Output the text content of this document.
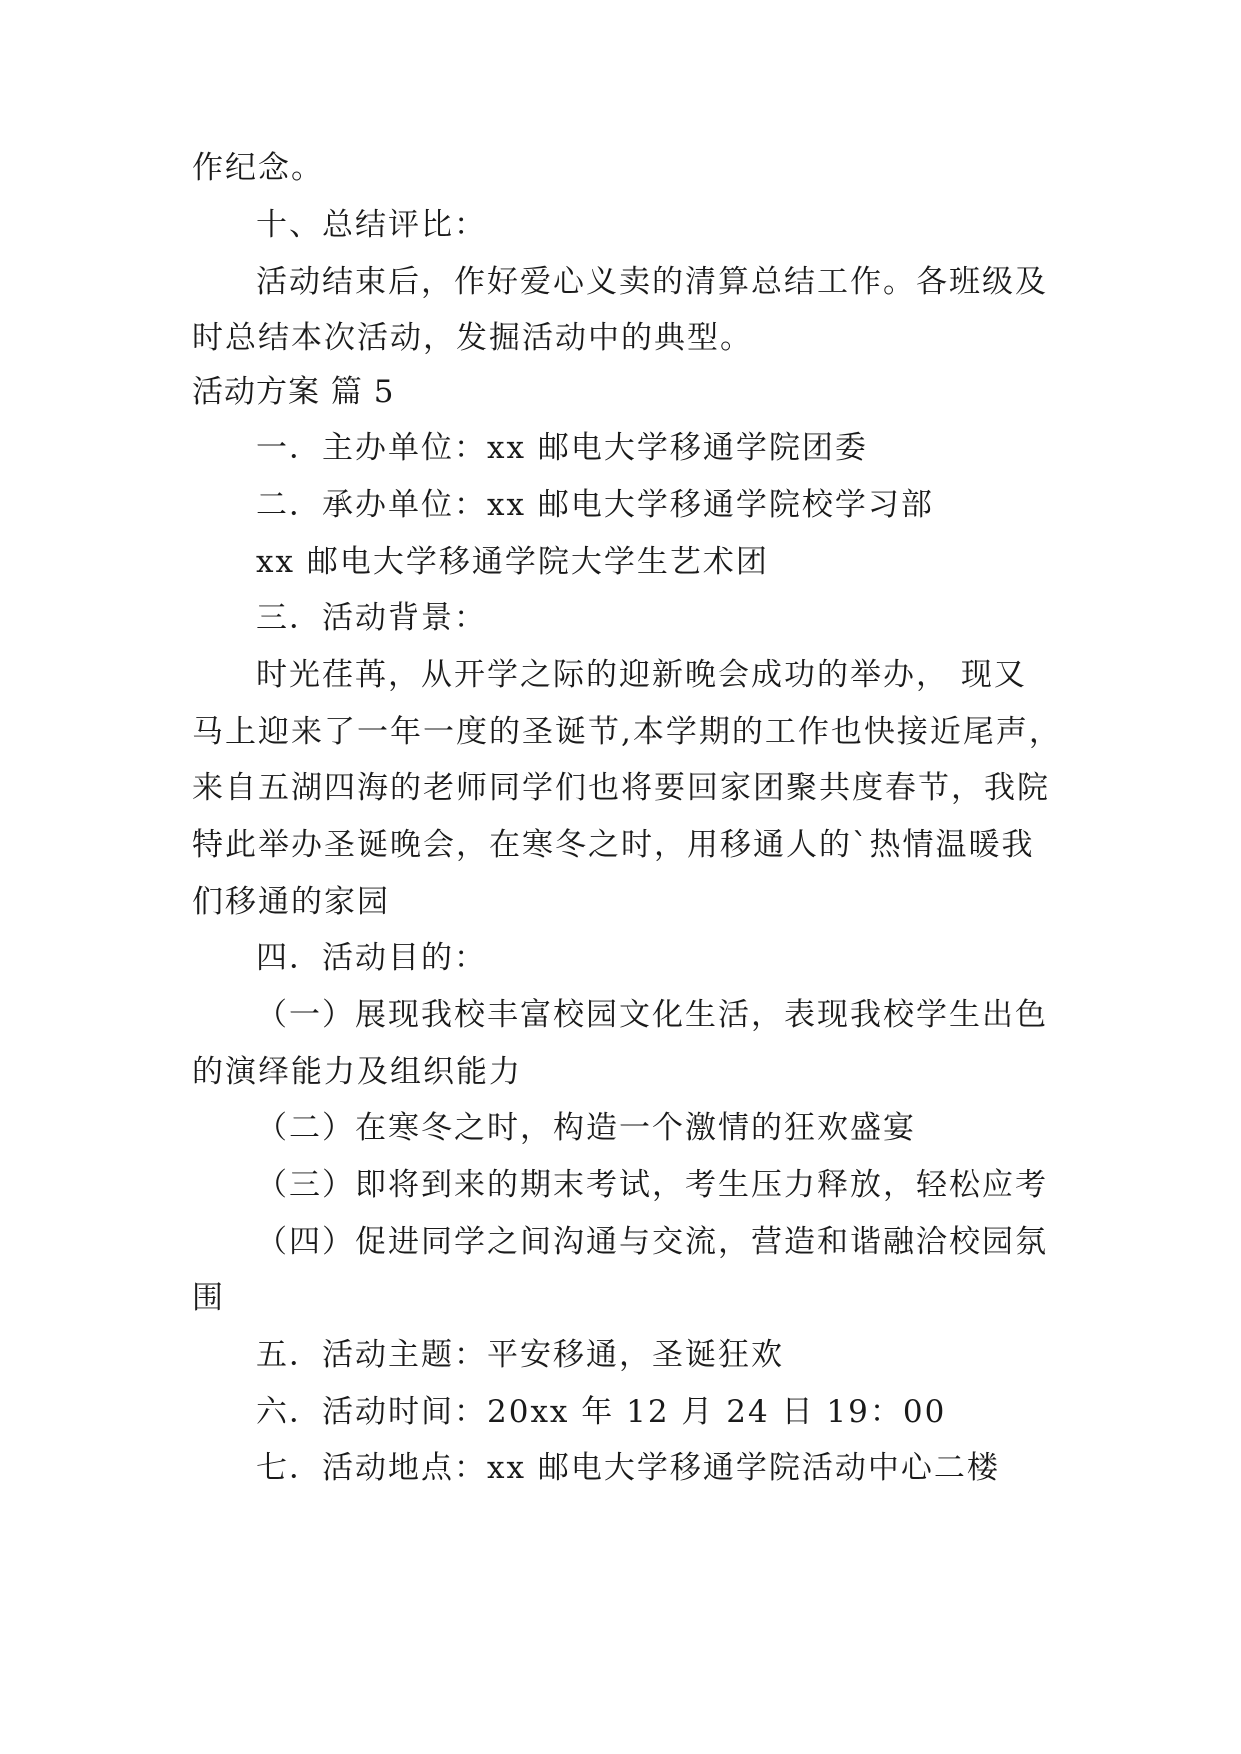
作纪念。
十、总结评比：
活动结束后，作好爱心义卖的清算总结工作。各班级及
时总结本次活动，发掘活动中的典型。
活动方案 篇 5
一．主办单位：xx 邮电大学移通学院团委
二．承办单位：xx 邮电大学移通学院校学习部
xx 邮电大学移通学院大学生艺术团
三．活动背景：
时光荏苒，从开学之际的迎新晚会成功的举办， 现又
马上迎来了一年一度的圣诞节,本学期的工作也快接近尾声，
来自五湖四海的老师同学们也将要回家团聚共度春节，我院
特此举办圣诞晚会，在寒冬之时，用移通人的`热情温暖我
们移通的家园
四．活动目的：
（一）展现我校丰富校园文化生活，表现我校学生出色
的演绎能力及组织能力
（二）在寒冬之时，构造一个激情的狂欢盛宴
（三）即将到来的期末考试，考生压力释放，轻松应考
（四）促进同学之间沟通与交流，营造和谐融洽校园氛
围
五．活动主题：平安移通，圣诞狂欢
六．活动时间：20xx 年 12 月 24 日 19：00
七．活动地点：xx 邮电大学移通学院活动中心二楼
